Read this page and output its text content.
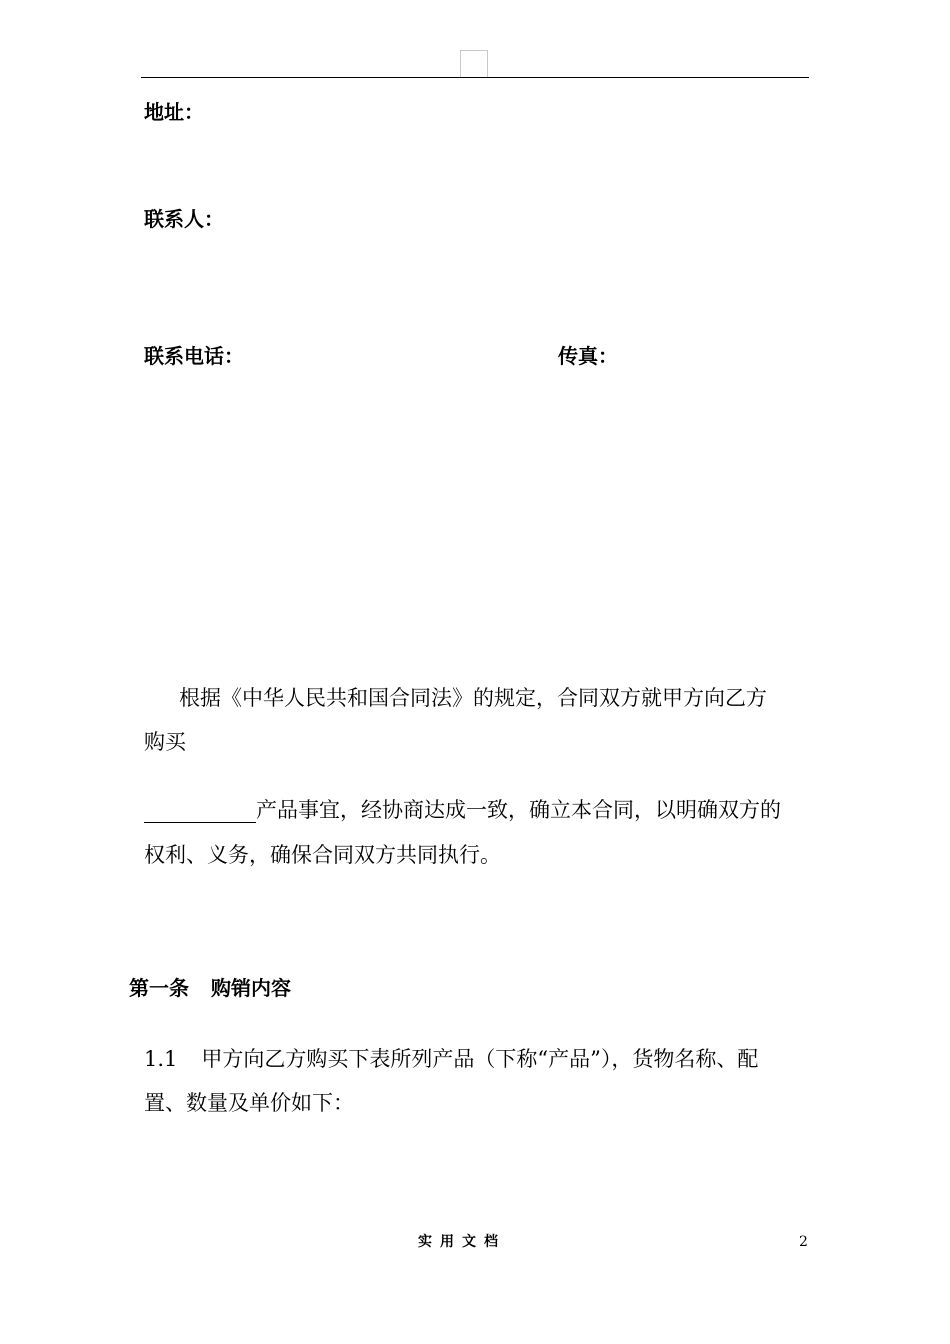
地址：
联系人：
联系电话：	传真：
根据《中华人民共和国合同法》的规定，合同双方就甲方向乙方
购买
产品事宜，经协商达成一致，确立本合同，以明确双方的
权利、义务，确保合同双方共同执行。
第一条 购销内容
1.1 甲方向乙方购买下表所列产品（下称“产品”），货物名称、配
置、数量及单价如下：
实用文档	2
